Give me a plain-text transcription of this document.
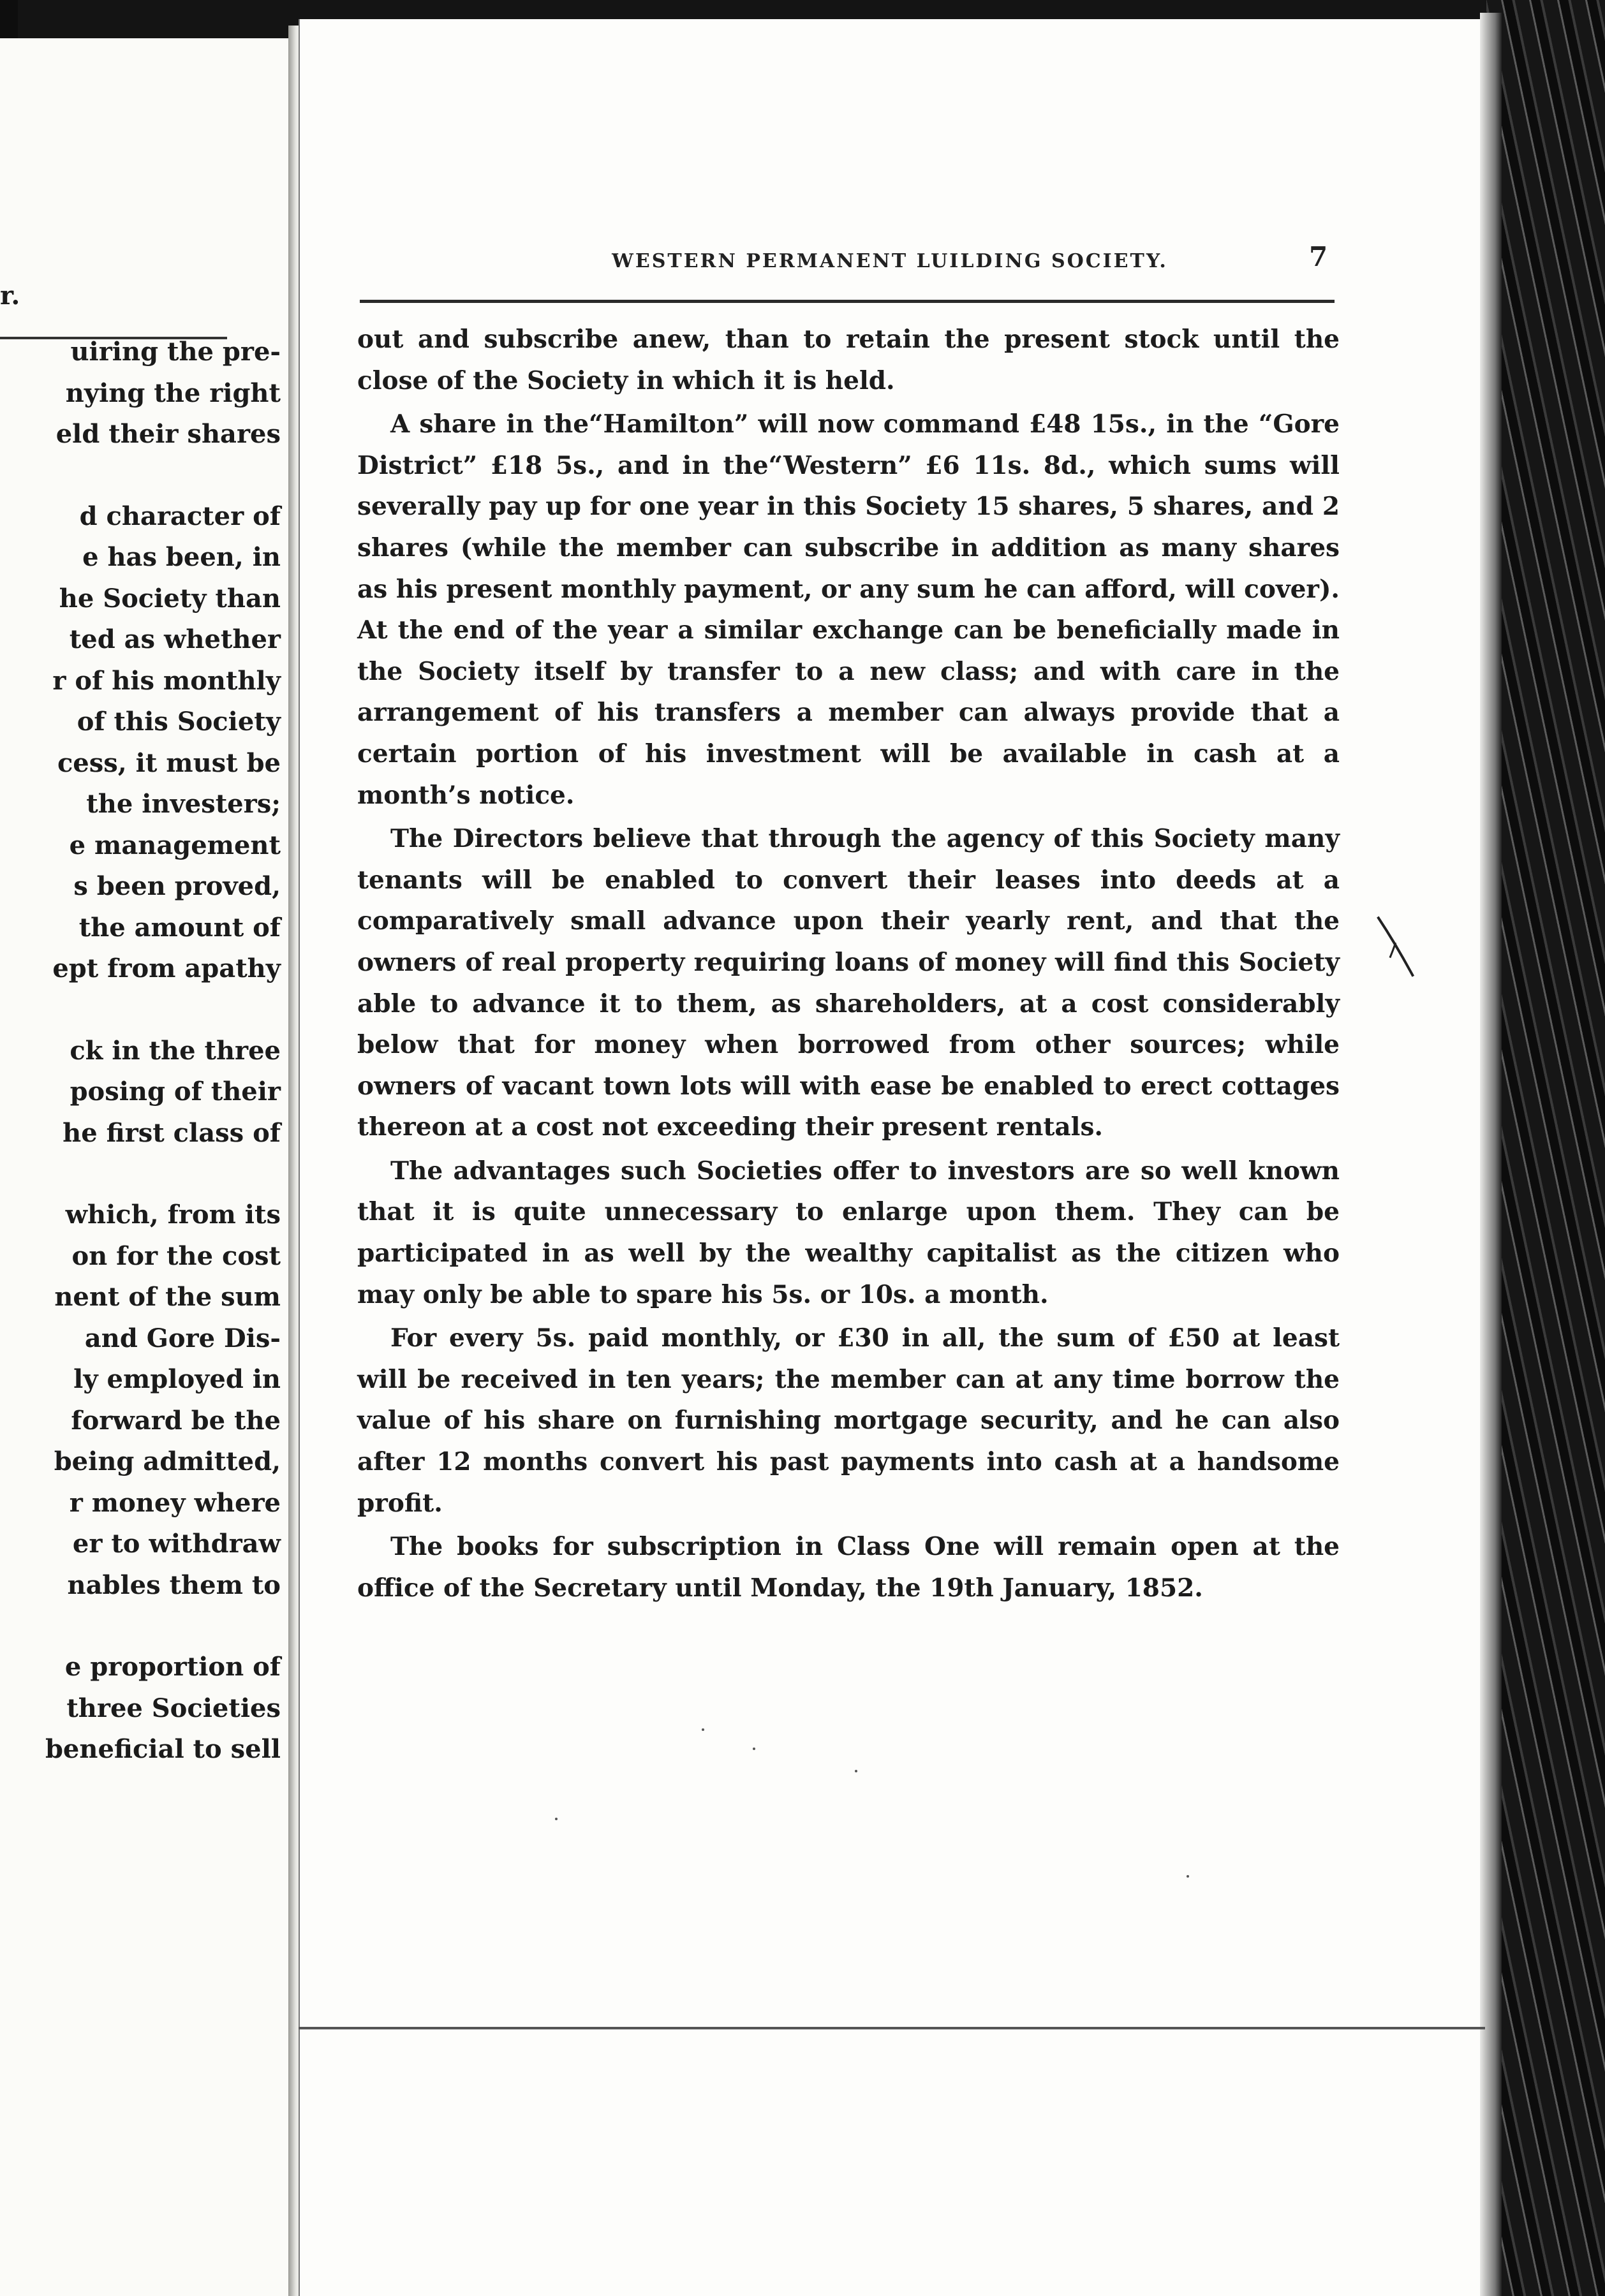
r.
uiring the pre-
nying the right
eld their shares
d character of
e has been, in
he Society than
ted as whether
r of his monthly
of this Society
cess, it must be
the investers;
e management
s been proved,
the amount of
ept from apathy
ck in the three
posing of their
he first class of
which, from its
on for the cost
nent of the sum
and Gore Dis-
ly employed in
forward be the
being admitted,
r money where
er to withdraw
nables them to
e proportion of
three Societies
beneficial to sell
WESTERN PERMANENT LUILDING SOCIETY.	7

out and subscribe anew, than to retain the present stock until the close of the Society in which it is held.

A share in the“Hamilton” will now command £48 15s., in the “Gore District” £18 5s., and in the“Western” £6 11s. 8d., which sums will severally pay up for one year in this Society 15 shares, 5 shares, and 2 shares (while the member can subscribe in addition as many shares as his present monthly payment, or any sum he can afford, will cover). At the end of the year a similar exchange can be beneficially made in the Society itself by transfer to a new class; and with care in the arrangement of his transfers a member can always provide that a certain portion of his investment will be available in cash at a month’s notice.

The Directors believe that through the agency of this Society many tenants will be enabled to convert their leases into deeds at a comparatively small advance upon their yearly rent, and that the owners of real property requiring loans of money will find this Society able to advance it to them, as shareholders, at a cost considerably below that for money when borrowed from other sources; while owners of vacant town lots will with ease be enabled to erect cottages thereon at a cost not exceeding their present rentals.

The advantages such Societies offer to investors are so well known that it is quite unnecessary to enlarge upon them. They can be participated in as well by the wealthy capitalist as the citizen who may only be able to spare his 5s. or 10s. a month.

For every 5s. paid monthly, or £30 in all, the sum of £50 at least will be received in ten years; the member can at any time borrow the value of his share on furnishing mortgage security, and he can also after 12 months convert his past payments into cash at a handsome profit.

The books for subscription in Class One will remain open at the office of the Secretary until Monday, the 19th January, 1852.
